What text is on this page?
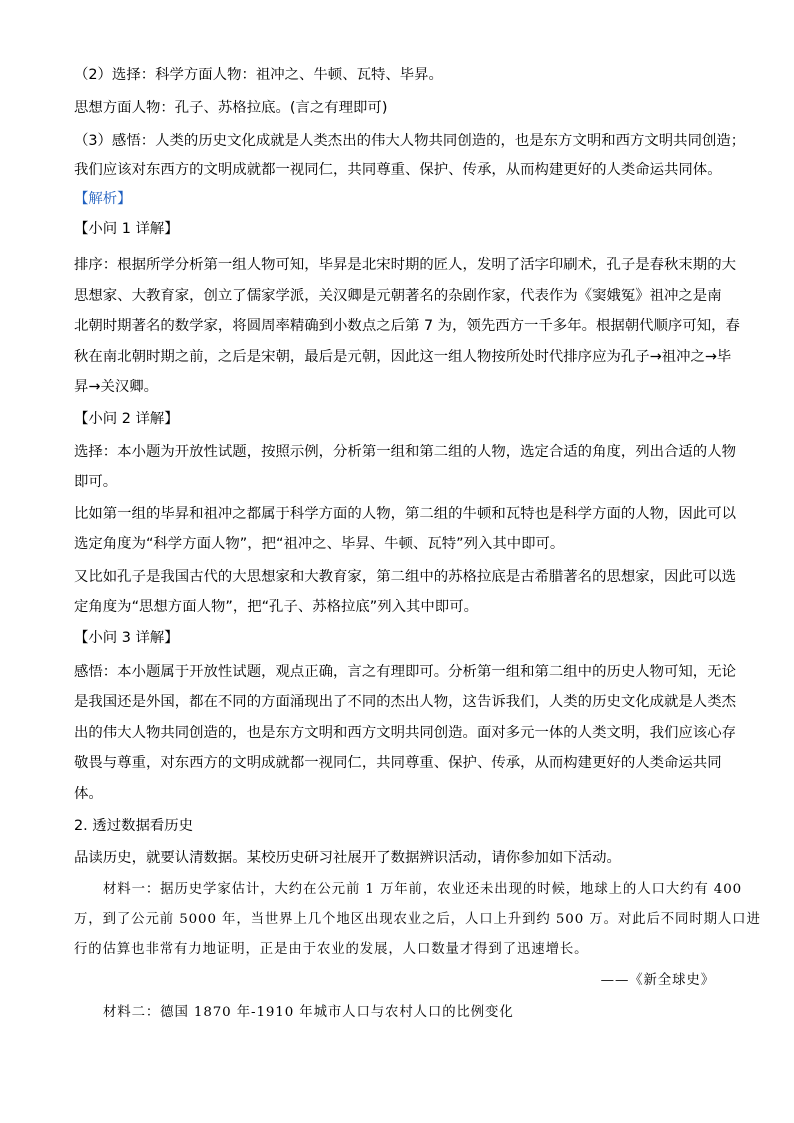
（2）选择：科学方面人物：祖冲之、牛顿、瓦特、毕昇。
思想方面人物：孔子、苏格拉底。(言之有理即可)
（3）感悟：人类的历史文化成就是人类杰出的伟大人物共同创造的，也是东方文明和西方文明共同创造；
我们应该对东西方的文明成就都一视同仁，共同尊重、保护、传承，从而构建更好的人类命运共同体。
【解析】
【小问 1 详解】
排序：根据所学分析第一组人物可知，毕昇是北宋时期的匠人，发明了活字印刷术，孔子是春秋末期的大
思想家、大教育家，创立了儒家学派，关汉卿是元朝著名的杂剧作家，代表作为《窦娥冤》祖冲之是南
北朝时期著名的数学家，将圆周率精确到小数点之后第 7 为，领先西方一千多年。根据朝代顺序可知，春
秋在南北朝时期之前，之后是宋朝，最后是元朝，因此这一组人物按所处时代排序应为孔子→祖冲之→毕
昇→关汉卿。
【小问 2 详解】
选择：本小题为开放性试题，按照示例，分析第一组和第二组的人物，选定合适的角度，列出合适的人物
即可。
比如第一组的毕昇和祖冲之都属于科学方面的人物，第二组的牛顿和瓦特也是科学方面的人物，因此可以
选定角度为“科学方面人物”，把“祖冲之、毕昇、牛顿、瓦特”列入其中即可。
又比如孔子是我国古代的大思想家和大教育家，第二组中的苏格拉底是古希腊著名的思想家，因此可以选
定角度为“思想方面人物”，把“孔子、苏格拉底”列入其中即可。
【小问 3 详解】
感悟：本小题属于开放性试题，观点正确，言之有理即可。分析第一组和第二组中的历史人物可知，无论
是我国还是外国，都在不同的方面涌现出了不同的杰出人物，这告诉我们，人类的历史文化成就是人类杰
出的伟大人物共同创造的，也是东方文明和西方文明共同创造。面对多元一体的人类文明，我们应该心存
敬畏与尊重，对东西方的文明成就都一视同仁，共同尊重、保护、传承，从而构建更好的人类命运共同
体。
2. 透过数据看历史
品读历史，就要认清数据。某校历史研习社展开了数据辨识活动，请你参加如下活动。
材料一：据历史学家估计，大约在公元前 1 万年前，农业还未出现的时候，地球上的人口大约有 400
万，到了公元前 5000 年，当世界上几个地区出现农业之后，人口上升到约 500 万。对此后不同时期人口进
行的估算也非常有力地证明，正是由于农业的发展，人口数量才得到了迅速增长。
——《新全球史》
材料二：德国 1870 年-1910 年城市人口与农村人口的比例变化
